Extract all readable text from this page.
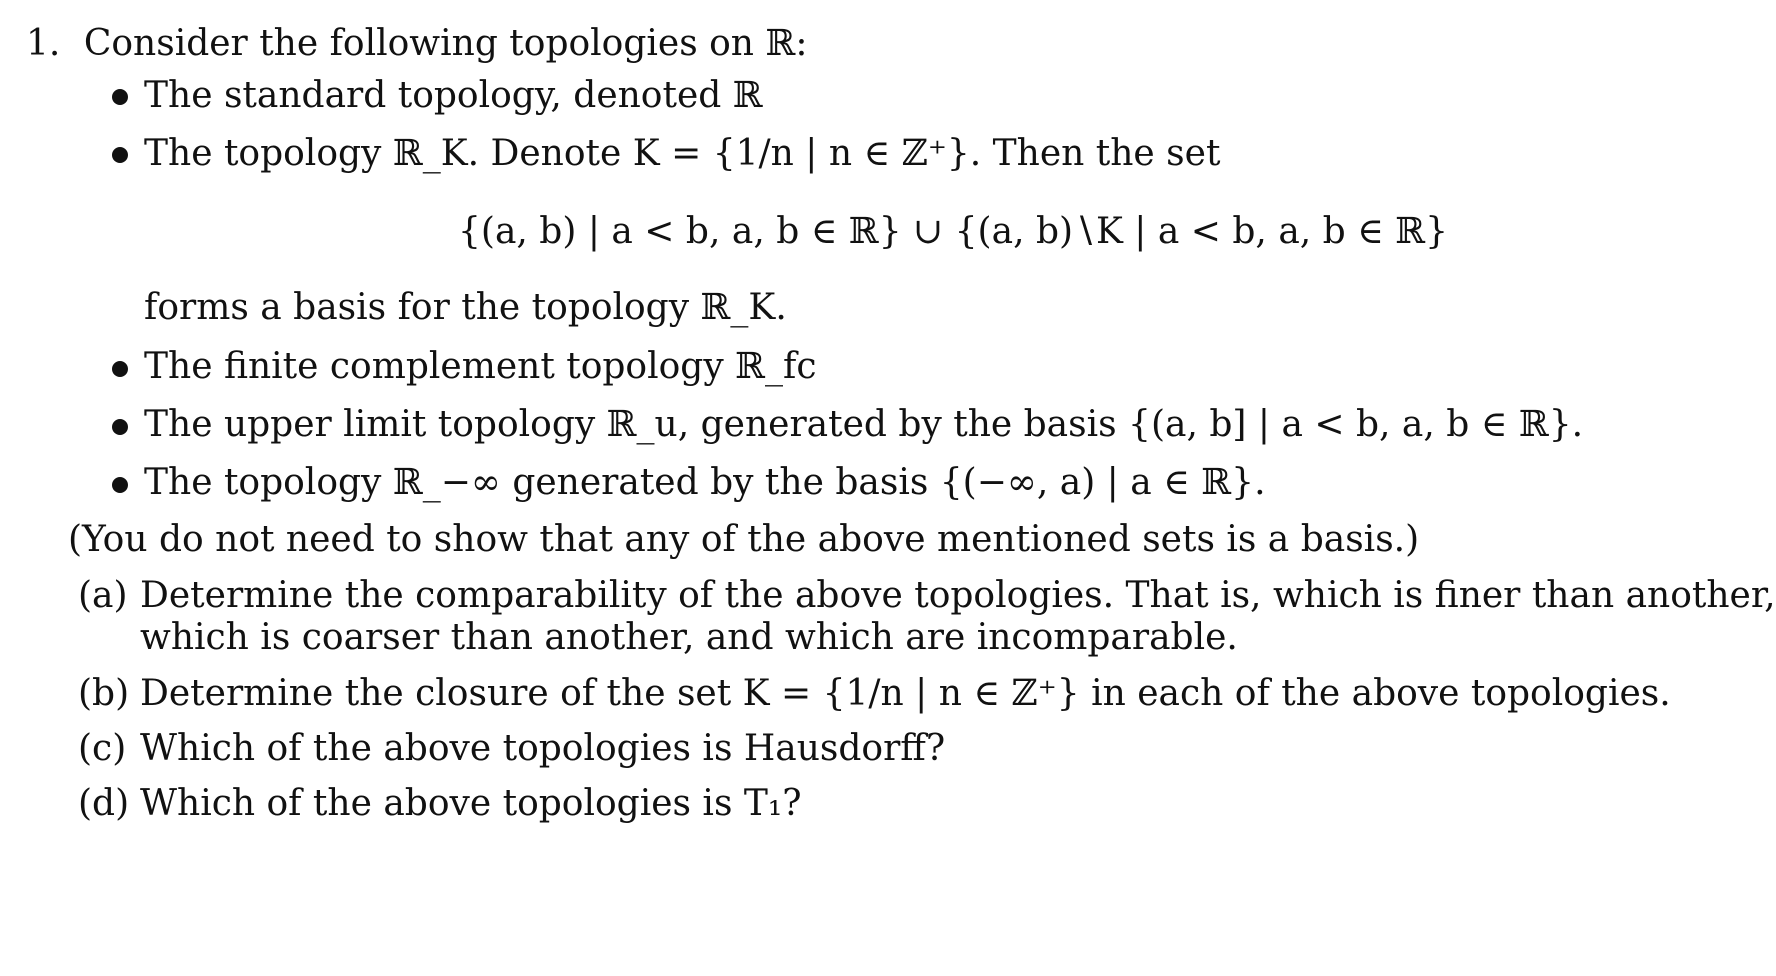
1. Consider the following topologies on ℝ:
The standard topology, denoted ℝ
The topology ℝ_K. Denote K = {1/n | n ∈ ℤ⁺}. Then the set
{(a, b) | a < b, a, b ∈ ℝ} ∪ {(a, b)∖K | a < b, a, b ∈ ℝ}
forms a basis for the topology ℝ_K.
The finite complement topology ℝ_fc
The upper limit topology ℝ_u, generated by the basis {(a, b] | a < b, a, b ∈ ℝ}.
The topology ℝ_−∞ generated by the basis {(−∞, a) | a ∈ ℝ}.
(You do not need to show that any of the above mentioned sets is a basis.)
(a) Determine the comparability of the above topologies. That is, which is finer than another,
which is coarser than another, and which are incomparable.
(b) Determine the closure of the set K = {1/n | n ∈ ℤ⁺} in each of the above topologies.
(c) Which of the above topologies is Hausdorff?
(d) Which of the above topologies is T₁?
